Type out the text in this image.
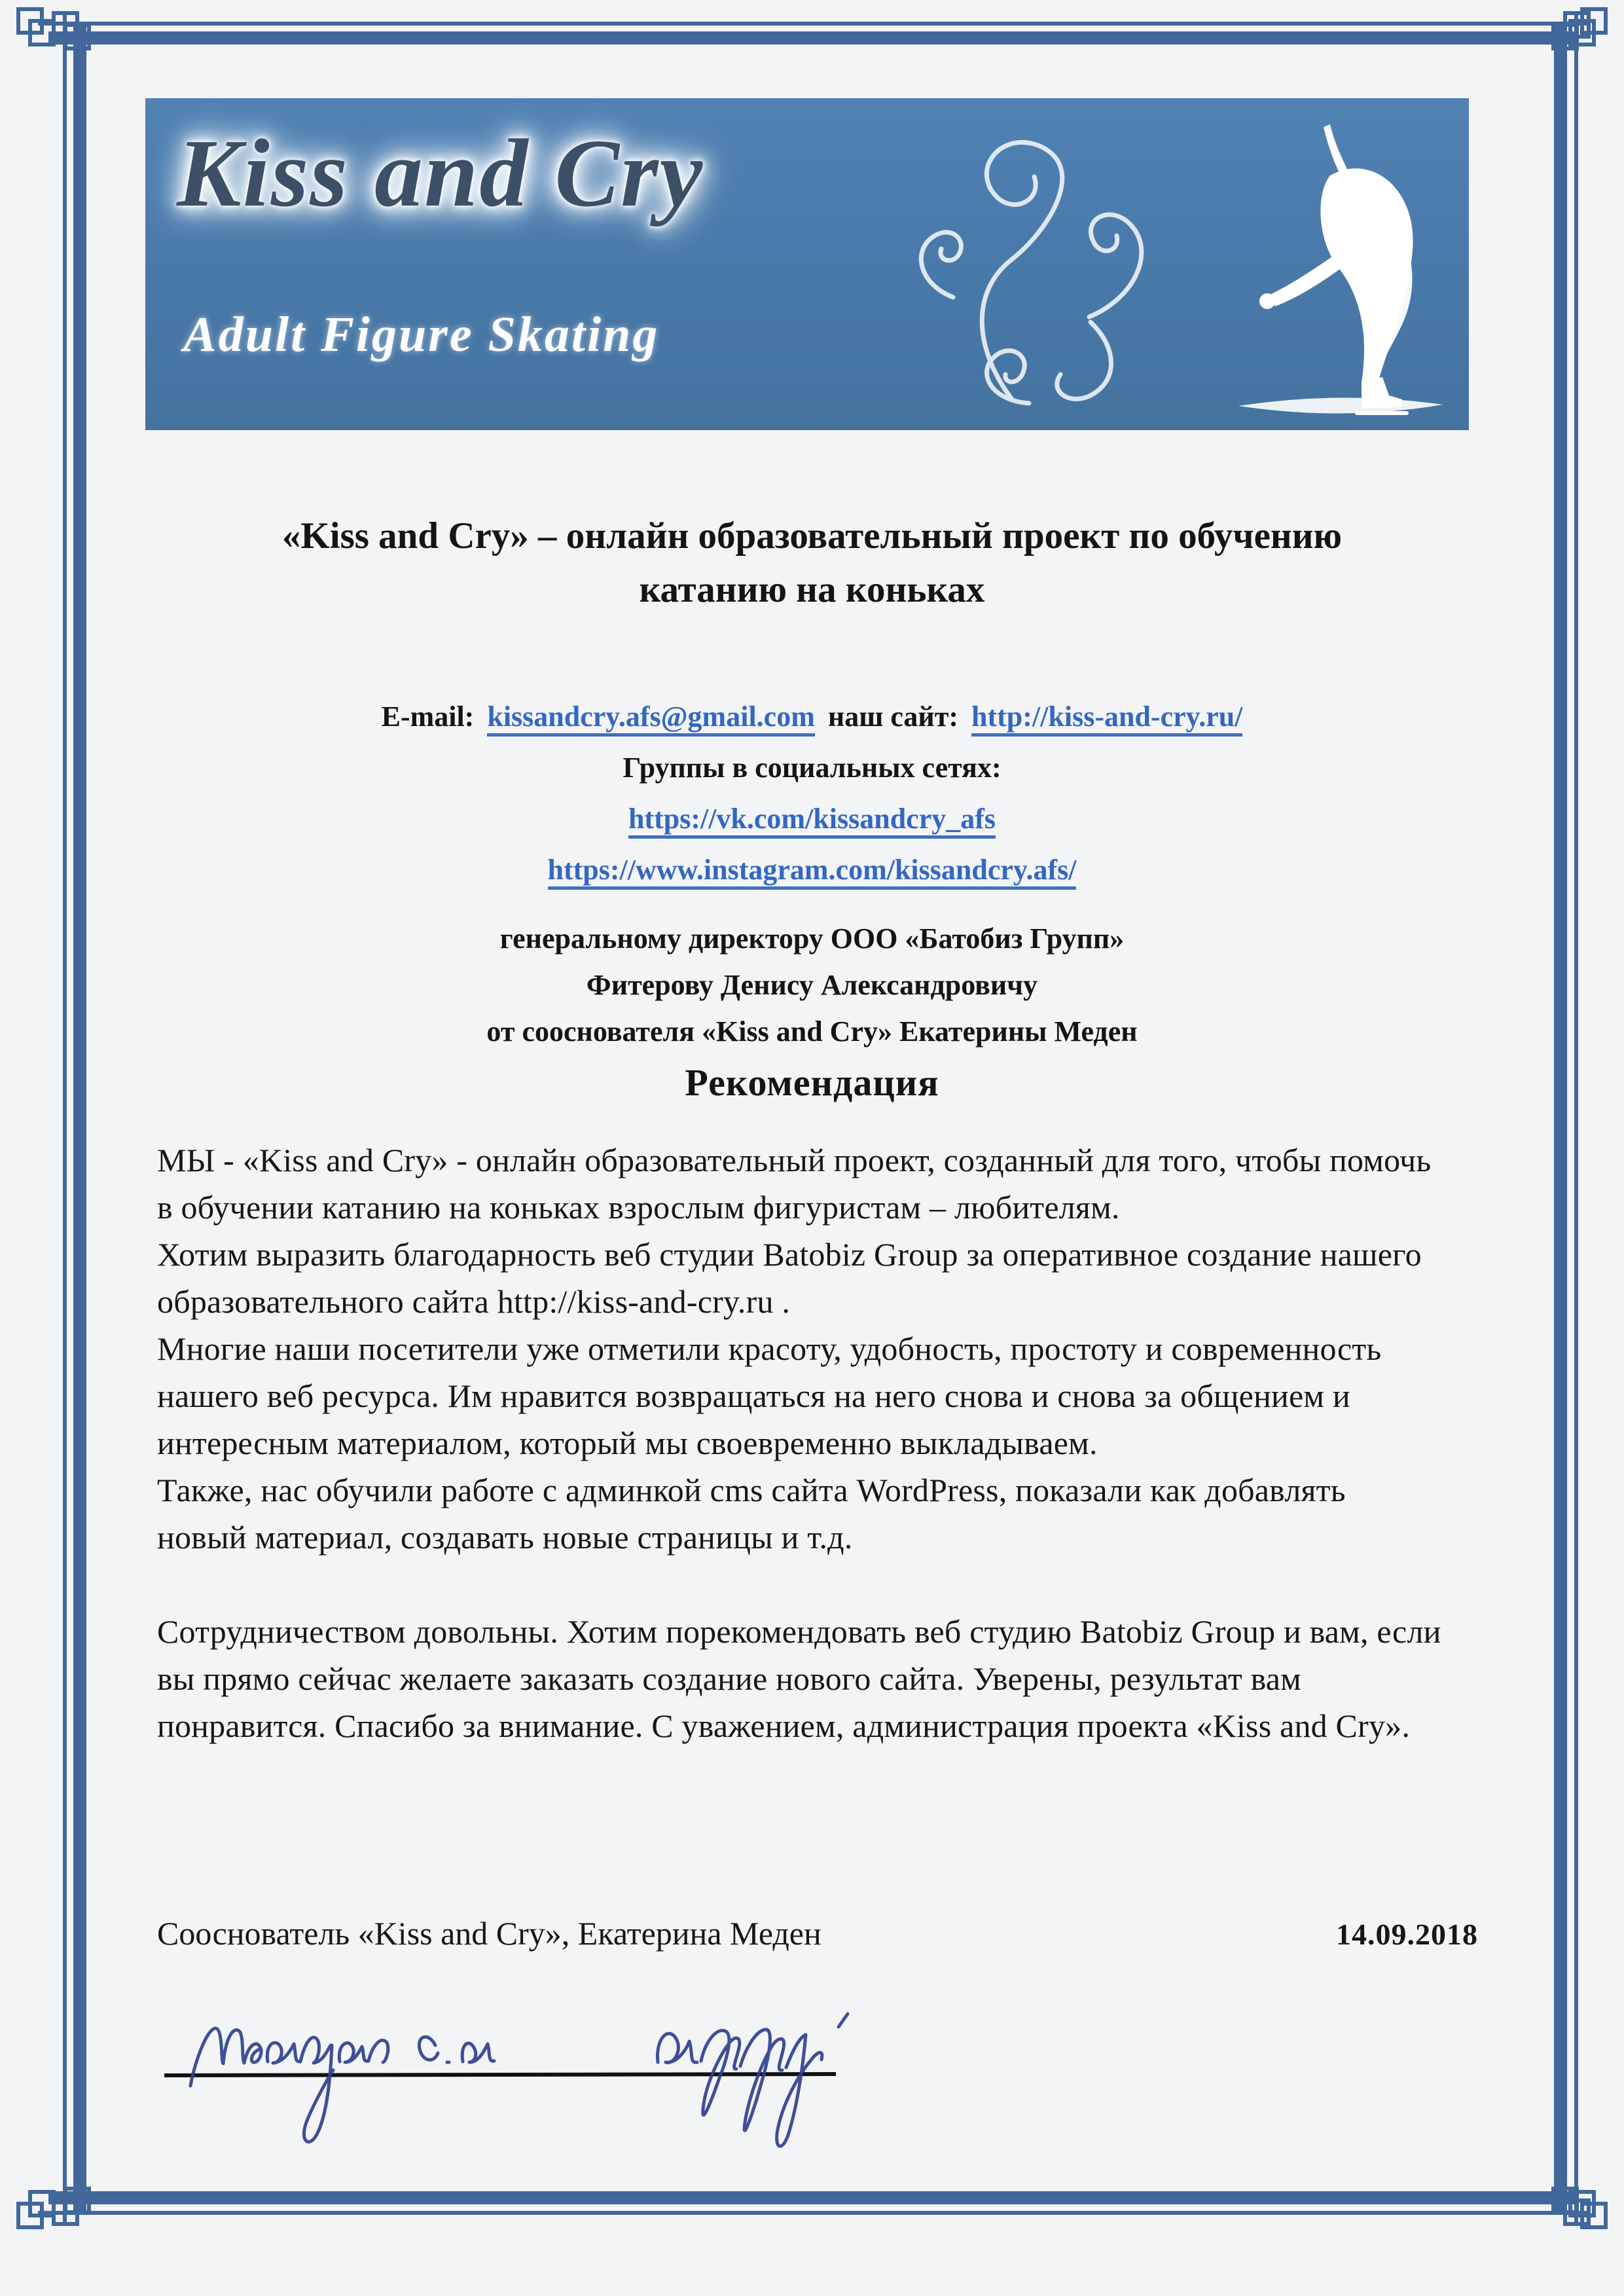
Kiss and Cry
Adult Figure Skating
«Kiss and Cry» – онлайн образовательный проект по обучению
катанию на коньках
E-mail: kissandcry.afs@gmail.com наш сайт: http://kiss-and-cry.ru/
Группы в социальных сетях:
https://vk.com/kissandcry_afs
https://www.instagram.com/kissandcry.afs/
генеральному директору ООО «Батобиз Групп»
Фитерову Денису Александровичу
от сооснователя «Kiss and Cry» Екатерины Меден
Рекомендация

МЫ - «Kiss and Cry» - онлайн образовательный проект, созданный для того, чтобы помочь в обучении катанию на коньках взрослым фигуристам – любителям.

Хотим выразить благодарность веб студии Batobiz Group за оперативное создание нашего образовательного сайта http://kiss-and-cry.ru .

Многие наши посетители уже отметили красоту, удобность, простоту и современность нашего веб ресурса. Им нравится возвращаться на него снова и снова за общением и интересным материалом, который мы своевременно выкладываем.

Также, нас обучили работе с админкой cms сайта WordPress, показали как добавлять новый материал, создавать новые страницы и т.д.

Сотрудничеством довольны. Хотим порекомендовать веб студию Batobiz Group и вам, если вы прямо сейчас желаете заказать создание нового сайта. Уверены, результат вам понравится. Спасибо за внимание. С уважением, администрация проекта «Kiss and Cry».

Сооснователь «Kiss and Cry», Екатерина Меден	14.09.2018
